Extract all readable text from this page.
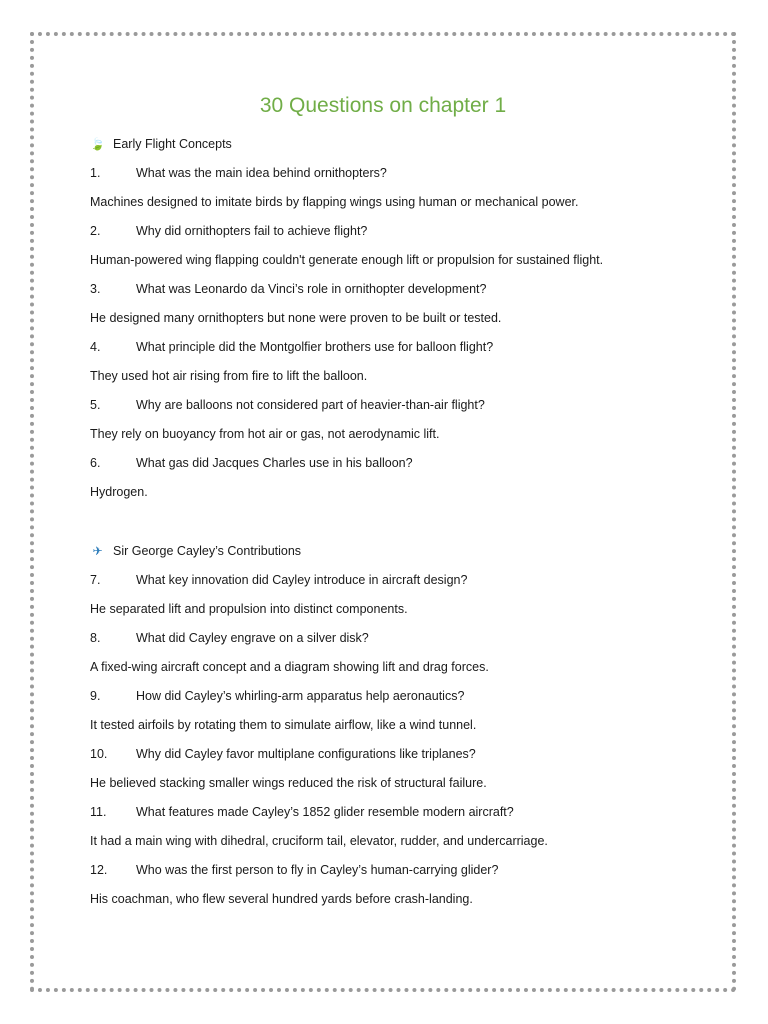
30 Questions on chapter 1
🍃 Early Flight Concepts
1.	What was the main idea behind ornithopters?
Machines designed to imitate birds by flapping wings using human or mechanical power.
2.	Why did ornithopters fail to achieve flight?
Human-powered wing flapping couldn't generate enough lift or propulsion for sustained flight.
3.	What was Leonardo da Vinci’s role in ornithopter development?
He designed many ornithopters but none were proven to be built or tested.
4.	What principle did the Montgolfier brothers use for balloon flight?
They used hot air rising from fire to lift the balloon.
5.	Why are balloons not considered part of heavier-than-air flight?
They rely on buoyancy from hot air or gas, not aerodynamic lift.
6.	What gas did Jacques Charles use in his balloon?
Hydrogen.
✈ Sir George Cayley’s Contributions
7.	What key innovation did Cayley introduce in aircraft design?
He separated lift and propulsion into distinct components.
8.	What did Cayley engrave on a silver disk?
A fixed-wing aircraft concept and a diagram showing lift and drag forces.
9.	How did Cayley’s whirling-arm apparatus help aeronautics?
It tested airfoils by rotating them to simulate airflow, like a wind tunnel.
10.	Why did Cayley favor multiplane configurations like triplanes?
He believed stacking smaller wings reduced the risk of structural failure.
11.	What features made Cayley’s 1852 glider resemble modern aircraft?
It had a main wing with dihedral, cruciform tail, elevator, rudder, and undercarriage.
12.	Who was the first person to fly in Cayley’s human-carrying glider?
His coachman, who flew several hundred yards before crash-landing.
